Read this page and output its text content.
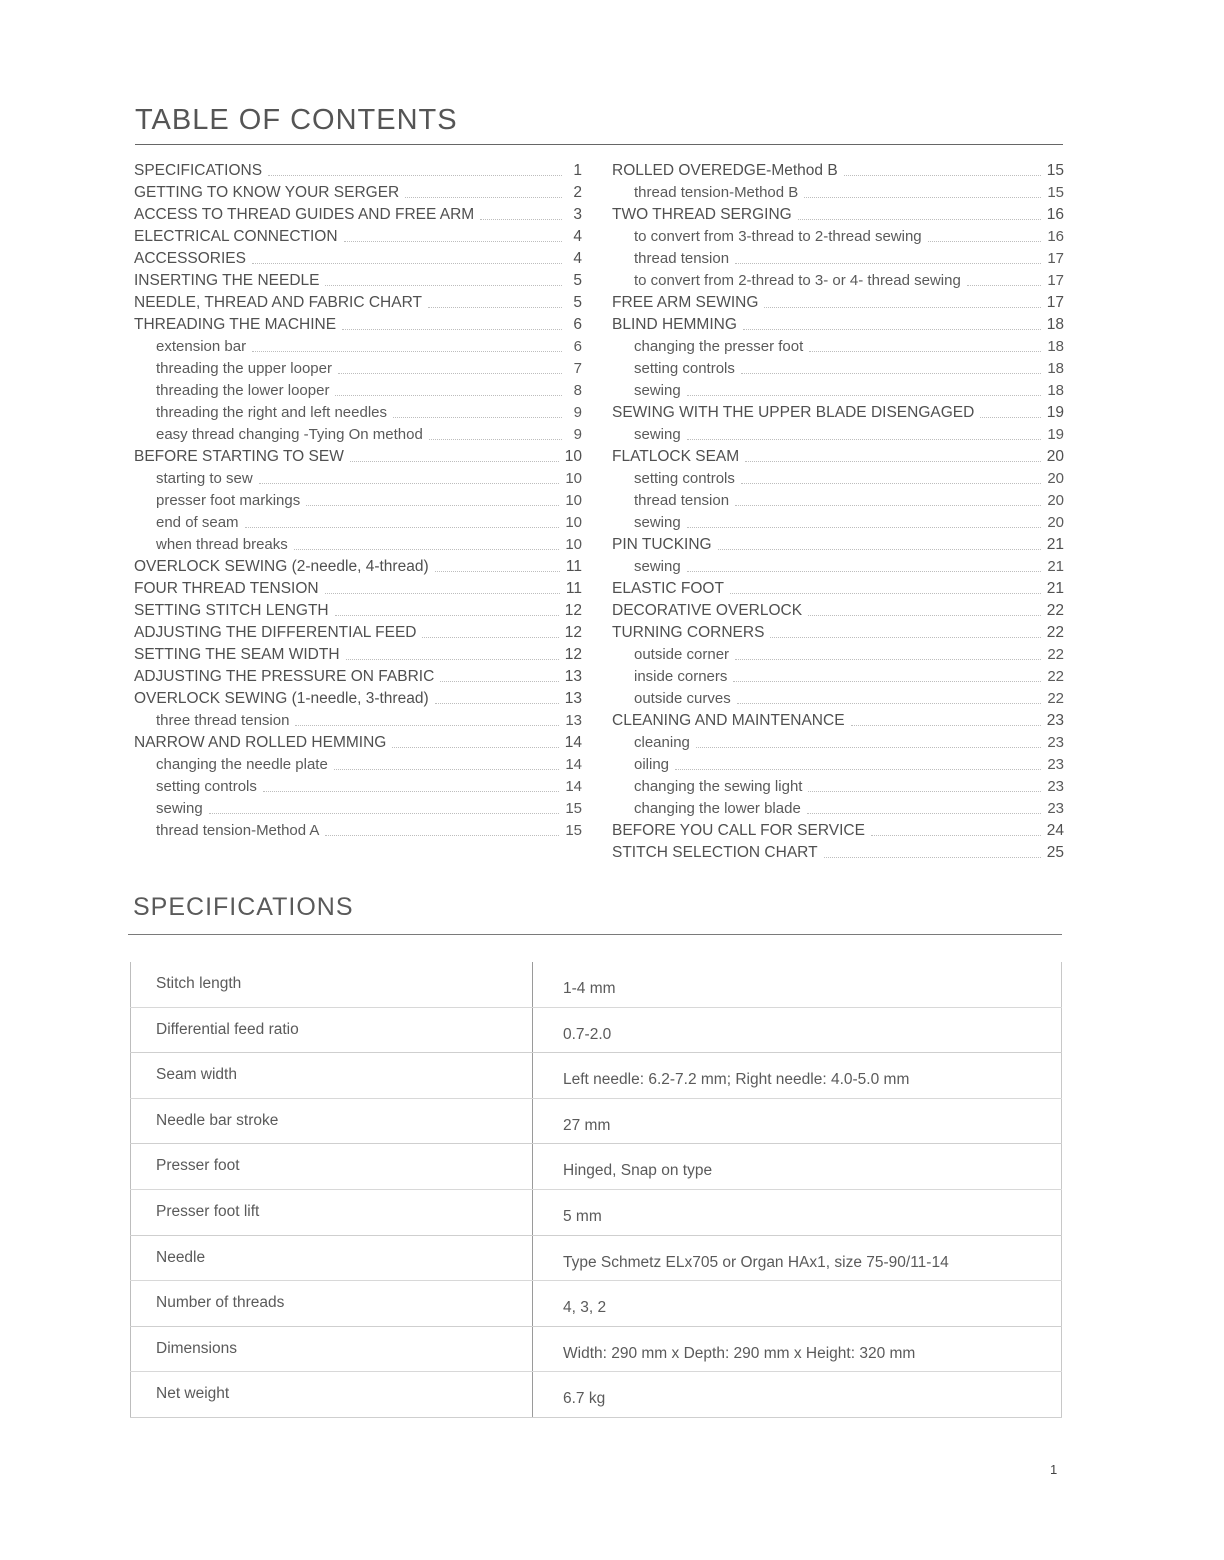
TABLE OF CONTENTS
SPECIFICATIONS	1
GETTING TO KNOW YOUR SERGER	2
ACCESS TO THREAD GUIDES AND FREE ARM	3
ELECTRICAL CONNECTION	4
ACCESSORIES	4
INSERTING THE NEEDLE	5
NEEDLE, THREAD AND FABRIC CHART	5
THREADING THE MACHINE	6
extension bar	6
threading the upper looper	7
threading the lower looper	8
threading the right and left needles	9
easy thread changing -Tying On method	9
BEFORE STARTING TO SEW	10
starting to sew	10
presser foot markings	10
end of seam	10
when thread breaks	10
OVERLOCK SEWING (2-needle, 4-thread)	11
FOUR THREAD TENSION	11
SETTING STITCH LENGTH	12
ADJUSTING THE DIFFERENTIAL FEED	12
SETTING THE SEAM WIDTH	12
ADJUSTING THE PRESSURE ON FABRIC	13
OVERLOCK SEWING (1-needle, 3-thread)	13
three thread tension	13
NARROW AND ROLLED HEMMING	14
changing the needle plate	14
setting controls	14
sewing	15
thread tension-Method A	15
ROLLED OVEREDGE-Method B	15
thread tension-Method B	15
TWO THREAD SERGING	16
to convert from 3-thread to 2-thread sewing	16
thread tension	17
to convert from 2-thread to 3- or 4- thread sewing	17
FREE ARM SEWING	17
BLIND HEMMING	18
changing the presser foot	18
setting controls	18
sewing	18
SEWING WITH THE UPPER BLADE DISENGAGED	19
sewing	19
FLATLOCK SEAM	20
setting controls	20
thread tension	20
sewing	20
PIN TUCKING	21
sewing	21
ELASTIC FOOT	21
DECORATIVE OVERLOCK	22
TURNING CORNERS	22
outside corner	22
inside corners	22
outside curves	22
CLEANING AND MAINTENANCE	23
cleaning	23
oiling	23
changing the sewing light	23
changing the lower blade	23
BEFORE YOU CALL FOR SERVICE	24
STITCH SELECTION CHART	25
SPECIFICATIONS
Stitch length	1-4 mm
Differential feed ratio	0.7-2.0
Seam width	Left needle: 6.2-7.2 mm; Right needle: 4.0-5.0 mm
Needle bar stroke	27 mm
Presser foot	Hinged, Snap on type
Presser foot lift	5 mm
Needle	Type Schmetz ELx705 or Organ HAx1, size 75-90/11-14
Number of threads	4, 3, 2
Dimensions	Width: 290 mm x Depth: 290 mm x Height: 320 mm
Net weight	6.7 kg
1
